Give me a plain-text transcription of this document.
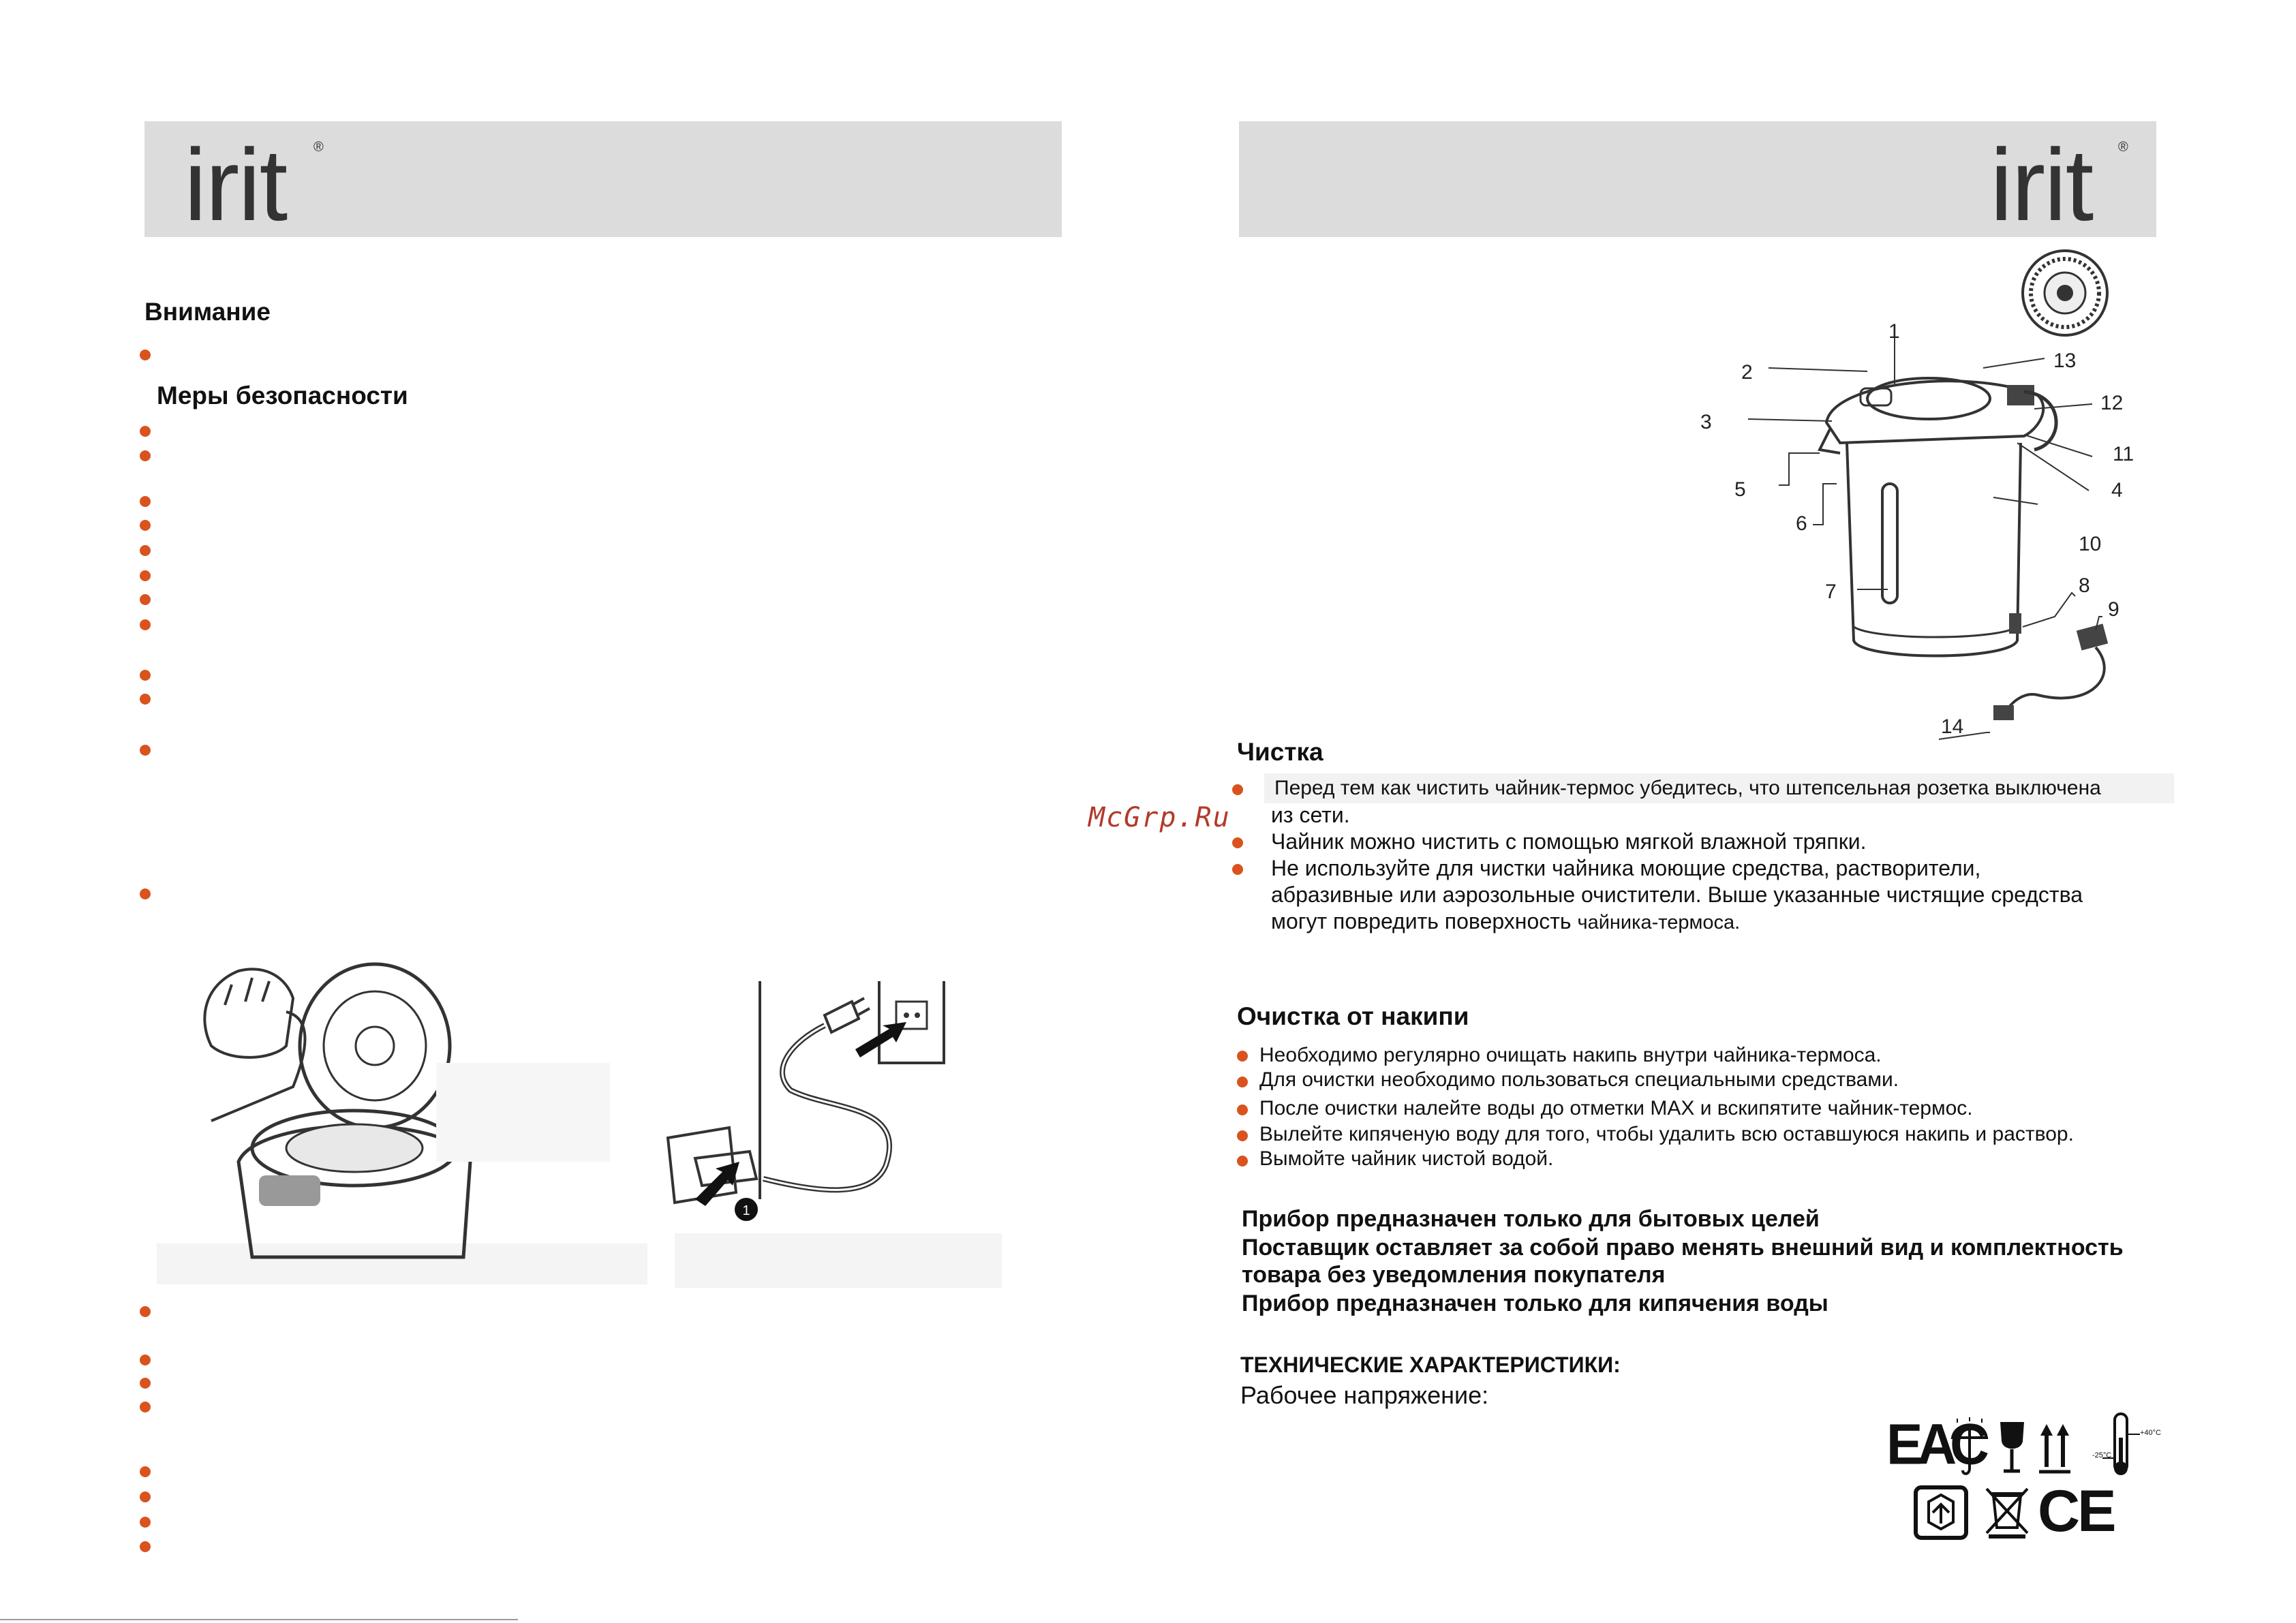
irit ®
Внимание
Меры безопасности
1
irit ®
1
2
3
4
5
6
7	8
9
10
11
12
13
14
McGrp.Ru
Чистка
Перед тем как чистить чайник-термос убедитесь, что штепсельная розетка выключена
из сети.
Чайник можно чистить с помощью мягкой влажной тряпки.
Не используйте для чистки чайника моющие средства, растворители,
абразивные или аэрозольные очистители. Выше указанные чистящие средства
могут повредить поверхность чайника-термоса.
Очистка от накипи
Необходимо регулярно очищать накипь внутри чайника-термоса.
Для очистки необходимо пользоваться специальными средствами.
После очистки налейте воды до отметки MAX и вскипятите чайник-термос.
Вылейте кипяченую воду для того, чтобы удалить всю оставшуюся накипь и раствор.
Вымойте чайник чистой водой.
Прибор предназначен только для бытовых целей
Поставщик оставляет за собой право менять внешний вид и комплектность
товара без уведомления покупателя
Прибор предназначен только для кипячения воды
ТЕХНИЧЕСКИЕ ХАРАКТЕРИСТИКИ:
Рабочее напряжение:
ЕАС	+40°C
-25°C
CE
